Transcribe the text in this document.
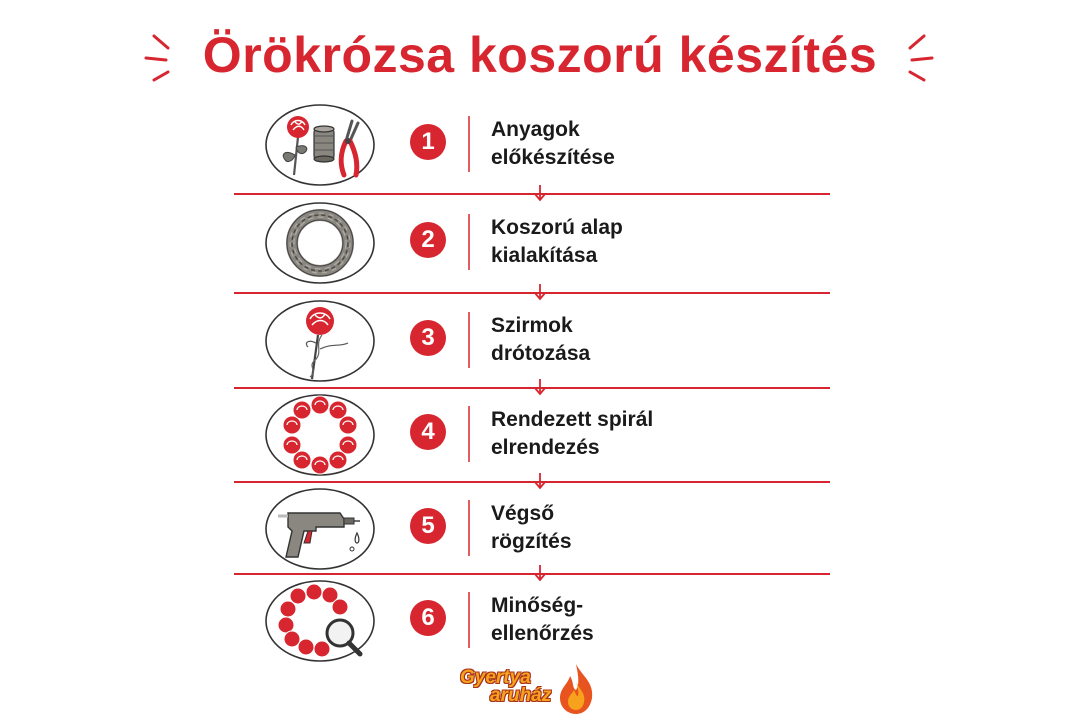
Örökrózsa koszorú készítés
1	Anyagok
előkészítése
2	Koszorú alap
kialakítása
3	Szirmok
drótozása
4	Rendezett spirál
elrendezés
5	Végső
rögzítés
6	Minőség-
ellenőrzés
Gyertya
aruház
